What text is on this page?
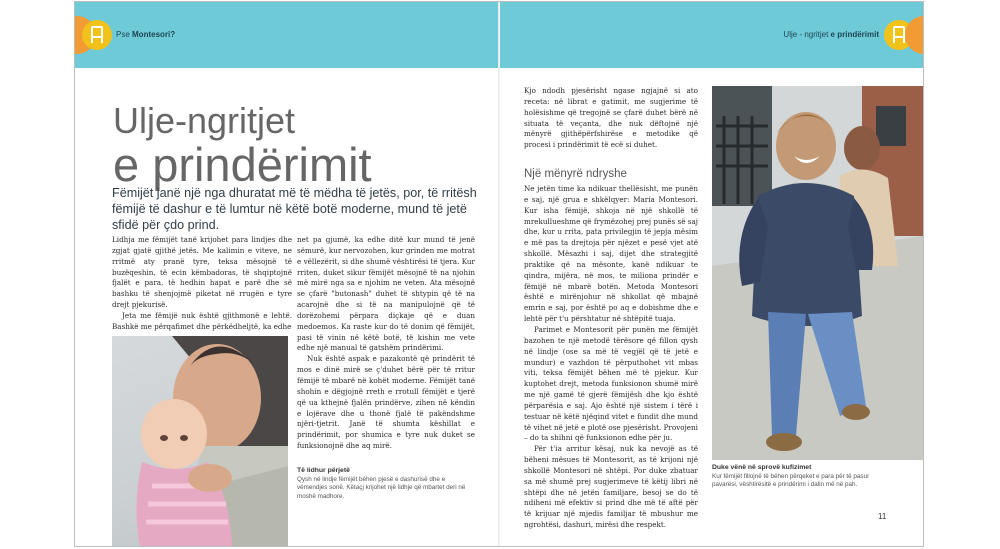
Pse Montesori?	Ulje - ngritjet e prindërimit
Ulje-ngritjet
e prindërimit

Fëmijët janë një nga dhuratat më të mëdha të jetës, por, të rritësh fëmijë të dashur e të lumtur në këtë botë moderne, mund të jetë sfidë për çdo prind.

Lidhja me fëmijët tanë krijohet para lindjes dhe zgjat gjatë gjithë jetës. Me kalimin e viteve, ne rritmë aty pranë tyre, teksa mësojnë të buzëqeshin, të ecin këmbadoras, të shqiptojnë fjalët e para, të hedhin hapat e parë dhe së bashku të shenjojmë piketat në rrugën e tyre drejt pjekurisë.

Jeta me fëmijë nuk është gjithmonë e lehtë. Bashkë me përqafimet dhe përkëdheljtë, ka edhe

net pa gjumë, ka edhe ditë kur mund të jenë sëmurë, kur nervozohen, kur grinden me motrat e vëllezërit, si dhe shumë vështirësi të tjera. Kur rriten, duket sikur fëmijët mësojnë të na njohin më mirë nga sa e njohim ne veten. Ata mësojnë se çfarë "butonash" duhet të shtypin që të na acarojnë dhe si të na manipulojnë që të dorëzohemi përpara diçkaje që e duan medoemos. Ka raste kur do të donim që fëmijët, pasi të vinin në këtë botë, të kishin me vete edhe një manual të gatshëm prindërimi.

Nuk është aspak e pazakontë që prindërit të mos e dinë mirë se ç'duhet bërë për të rritur fëmijë të mbarë në kohët moderne. Fëmijët tanë shohin e dëgjojnë rreth e rrotull fëmijët e tjerë që ua kthejnë fjalën prindërve, zihen në këndin e lojërave dhe u thonë fjalë të pakëndshme njëri-tjetrit. Janë të shumta këshillat e prindërimit, por shumica e tyre nuk duket se funksionojnë dhe aq mirë.

Të lidhur përjetë
Qysh në lindje fëmijët bëhen pjesë e dashurisë dhe e vëmendjes sonë. Këtaçj krijohet një lidhje që mbartet deri në moshë madhore.

Kjo ndodh pjesërisht ngase ngjajnë si ato receta: në librat e gatimit, me sugjerime të holësishme që tregojnë se çfarë duhet bërë në situata të veçanta, dhe nuk dëftojnë një mënyrë gjithëpërfshirëse e metodike që procesi i prindërimit të ecë si duhet.

Një mënyrë ndryshe

Ne jetën time ka ndikuar thellësisht, me punën e saj, një grua e shkëlqyer: Maria Montesori. Kur isha fëmijë, shkoja në një shkollë të mrekullueshme që frymëzohej prej punës së saj dhe, kur u rrita, pata privilegjin të jepja mësim e më pas ta drejtoja për njëzet e pesë vjet atë shkollë. Mësazhi i saj, dijet dhe strategjitë praktike që na mësonte, kanë ndikuar te qindra, mijëra, në mos, te miliona prindër e fëmijë në mbarë botën. Metoda Montesori është e mirënjohur në shkollat që mbajnë emrin e saj, por është po aq e dobishme dhe e lehtë për t'u përshtatur në shtëpitë tuaja.

Parimet e Montesorit për punën me fëmijët bazohen te një metodë tërësore që fillon qysh në lindje (ose sa më të vegjël që të jetë e mundur) e vazhdon të përputhohet vit mbas viti, teksa fëmijët bëhen më të pjekur. Kur kuptohet drejt, metoda funksionon shumë mirë me një gamë të gjerë fëmijësh dhe kjo është përparësia e saj. Ajo është një sistem i tërë i testuar në këtë njëqind vitet e fundit dhe mund të vihet në jetë e plotë ose pjesërisht. Provojeni – do ta shihni që funksionon edhe për ju.

Për t'ia arritur kësaj, nuk ka nevojë as të bëheni mësues të Montesorit, as të krijoni një shkollë Montesori në shtëpi. Por duke zbatuar sa më shumë prej sugjerimeve të këtij libri në shtëpi dhe në jetën familjare, besoj se do të ndiheni më efektiv si prind dhe më të aftë për të krijuar një mjedis familjar të mbushur me ngrohtësi, dashuri, mirësi dhe respekt.

Duke vënë në sprovë kufizimet
Kur fëmijët fillojnë të bëhen përqeket e para për të pasur pavarësi, vështirësitë e prindërimi i dalin më në pah.
11
